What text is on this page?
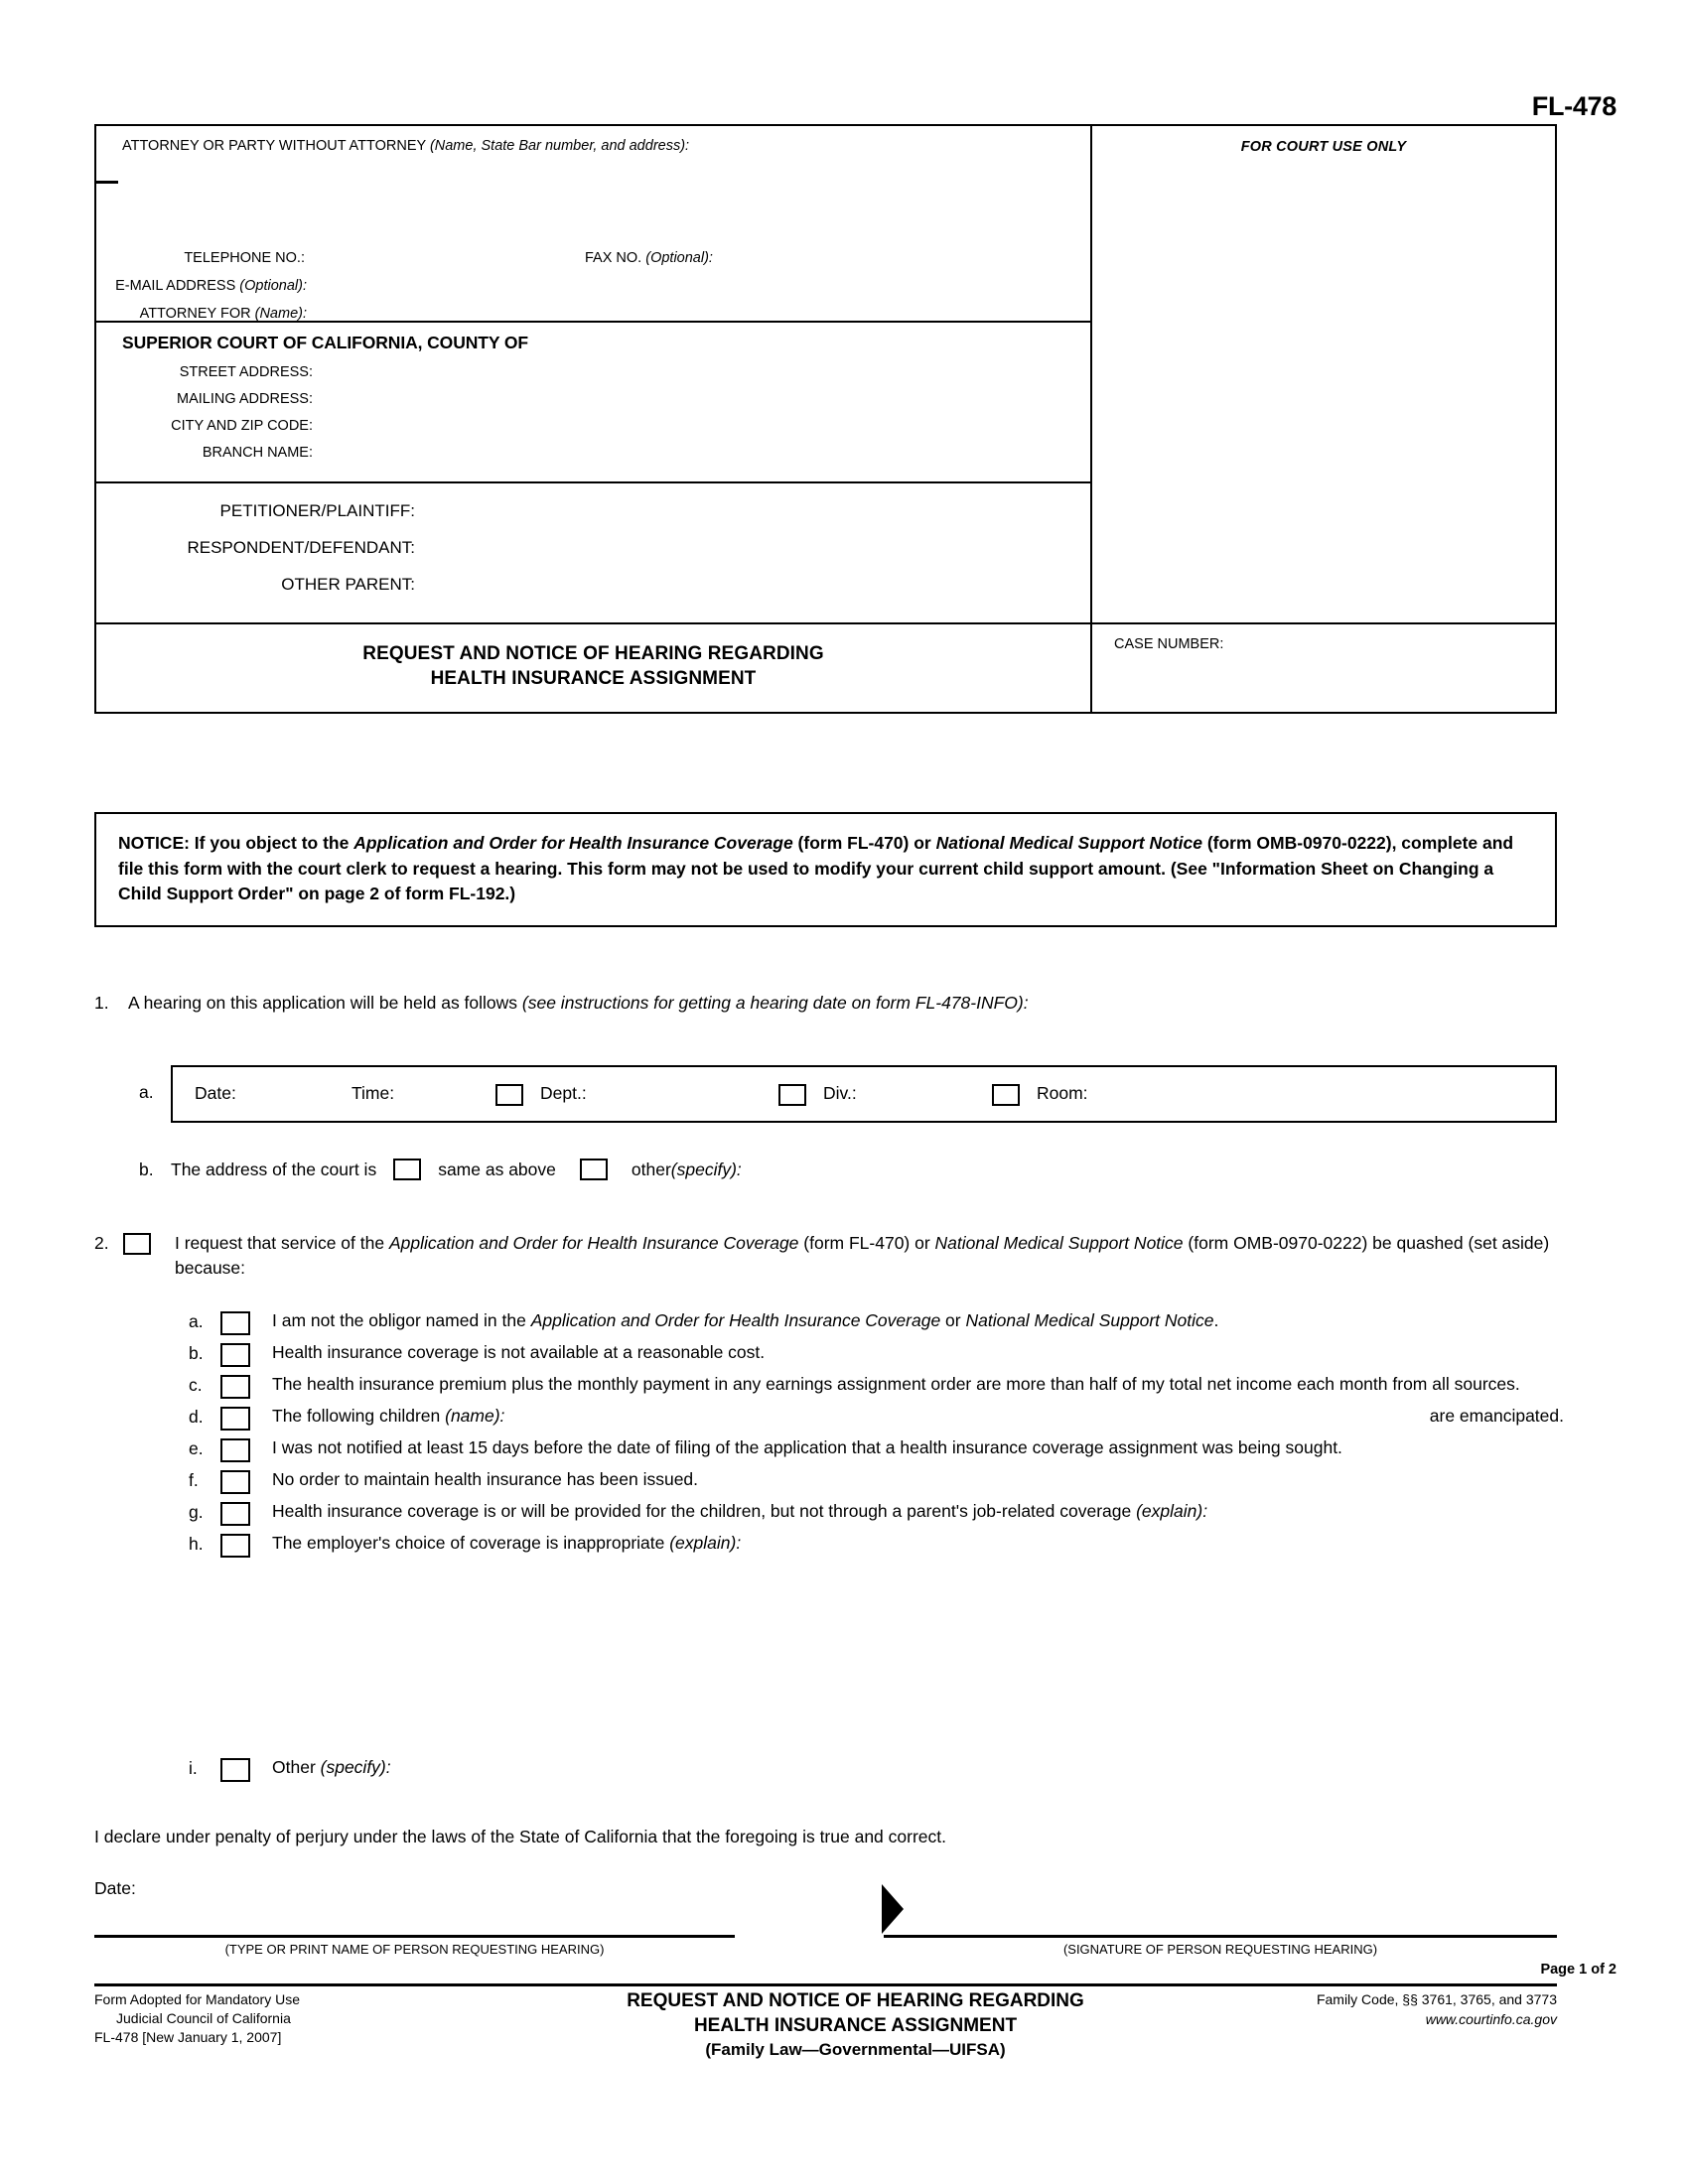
FL-478
ATTORNEY OR PARTY WITHOUT ATTORNEY (Name, State Bar number, and address):
TELEPHONE NO.:	FAX NO. (Optional):
E-MAIL ADDRESS (Optional):
ATTORNEY FOR (Name):
SUPERIOR COURT OF CALIFORNIA, COUNTY OF
STREET ADDRESS:
MAILING ADDRESS:
CITY AND ZIP CODE:
BRANCH NAME:
PETITIONER/PLAINTIFF:
RESPONDENT/DEFENDANT:
OTHER PARENT:
FOR COURT USE ONLY
REQUEST AND NOTICE OF HEARING REGARDING
HEALTH INSURANCE ASSIGNMENT
CASE NUMBER:
NOTICE: If you object to the Application and Order for Health Insurance Coverage (form FL-470) or National Medical Support Notice (form OMB-0970-0222), complete and file this form with the court clerk to request a hearing. This form may not be used to modify your current child support amount. (See "Information Sheet on Changing a Child Support Order" on page 2 of form FL-192.)
1. A hearing on this application will be held as follows (see instructions for getting a hearing date on form FL-478-INFO):
a. Date:	Time:	Dept.:	Div.:	Room:
b. The address of the court is	same as above	other (specify):
2.	I request that service of the Application and Order for Health Insurance Coverage (form FL-470) or National Medical Support Notice (form OMB-0970-0222) be quashed (set aside) because:
a.	I am not the obligor named in the Application and Order for Health Insurance Coverage or National Medical Support Notice.
b.	Health insurance coverage is not available at a reasonable cost.
c.	The health insurance premium plus the monthly payment in any earnings assignment order are more than half of my total net income each month from all sources.
d.	The following children (name):	are emancipated.
e.	I was not notified at least 15 days before the date of filing of the application that a health insurance coverage assignment was being sought.
f.	No order to maintain health insurance has been issued.
g.	Health insurance coverage is or will be provided for the children, but not through a parent's job-related coverage (explain):
h.	The employer's choice of coverage is inappropriate (explain):
i.	Other (specify):
I declare under penalty of perjury under the laws of the State of California that the foregoing is true and correct.
Date:
(TYPE OR PRINT NAME OF PERSON REQUESTING HEARING)	(SIGNATURE OF PERSON REQUESTING HEARING)
Page 1 of 2
Form Adopted for Mandatory Use
Judicial Council of California
FL-478 [New January 1, 2007]
REQUEST AND NOTICE OF HEARING REGARDING
HEALTH INSURANCE ASSIGNMENT
(Family Law—Governmental—UIFSA)
Family Code, §§ 3761, 3765, and 3773
www.courtinfo.ca.gov
